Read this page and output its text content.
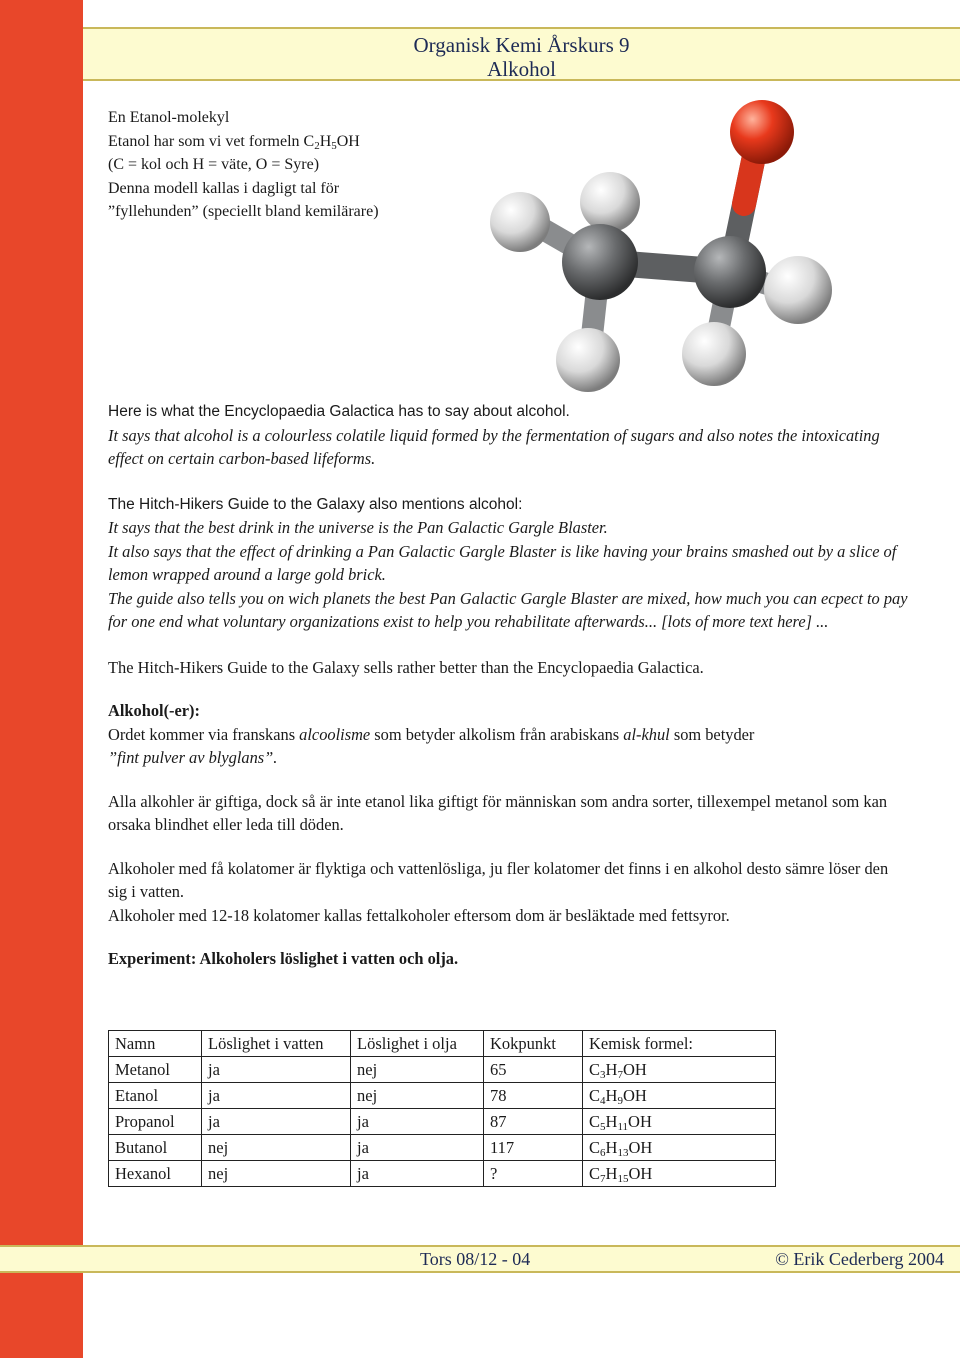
Organisk Kemi Årskurs 9
Alkohol
En Etanol-molekyl
Etanol har som vi vet formeln $C_2H_5OH$
(C = kol och H = väte, O = Syre)
Denna modell kallas i dagligt tal för
”fyllehunden” (speciellt bland kemilärare)

Here is what the Encyclopaedia Galactica has to say about alcohol.

It says that alcohol is a colourless colatile liquid formed by the fermentation of sugars and also notes the intoxicating effect on certain carbon-based lifeforms.

The Hitch-Hikers Guide to the Galaxy also mentions alcohol:

It says that the best drink in the universe is the Pan Galactic Gargle Blaster.

It also says that the effect of drinking a Pan Galactic Gargle Blaster is like having your brains smashed out by a slice of lemon wrapped around a large gold brick.

The guide also tells you on wich planets the best Pan Galactic Gargle Blaster are mixed, how much you can ecpect to pay for one end what voluntary organizations exist to help you rehabilitate afterwards... [lots of more text here] ...

The Hitch-Hikers Guide to the Galaxy sells rather better than the Encyclopaedia Galactica.

Alkohol(-er):

Ordet kommer via franskans alcoolisme som betyder alkolism från arabiskans al-khul som betyder
”fint pulver av blyglans”.

Alla alkohler är giftiga, dock så är inte etanol lika giftigt för människan som andra sorter, tillexempel metanol som kan orsaka blindhet eller leda till döden.

Alkoholer med få kolatomer är flyktiga och vattenlösliga, ju fler kolatomer det finns i en alkohol desto sämre löser den sig i vatten.

Alkoholer med 12-18 kolatomer kallas fettalkoholer eftersom dom är besläktade med fettsyror.

Experiment: Alkoholers löslighet i vatten och olja.

Namn	Löslighet i vatten	Löslighet i olja	Kokpunkt	Kemisk formel:
Metanol	ja	nej	65	$C_3H_7OH$
Etanol	ja	nej	78	$C_4H_9OH$
Propanol	ja	ja	87	$C_5H_{11}OH$
Butanol	nej	ja	117	$C_6H_{13}OH$
Hexanol	nej	ja	?	$C_7H_{15}OH$
Tors 08/12 - 04	© Erik Cederberg 2004
